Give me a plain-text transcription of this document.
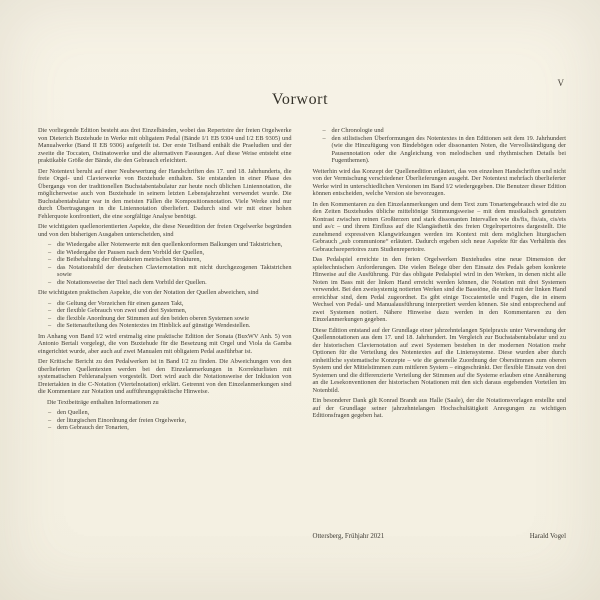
V
Vorwort

Die vorliegende Edition besteht aus drei Einzelbänden, wobei das Repertoire der freien Orgelwerke von Dieterich Buxtehude in Werke mit obligatem Pedal (Bände I/1 EB 9304 und I/2 EB 9305) und Manualwerke (Band II EB 9306) aufgeteilt ist. Der erste Teilband enthält die Praeludien und der zweite die Toccaten, Ostinatowerke und die alternativen Fassungen. Auf diese Weise entsteht eine praktikable Größe der Bände, die den Gebrauch erleichtert.

Der Notentext beruht auf einer Neubewertung der Handschriften des 17. und 18. Jahrhunderts, die freie Orgel- und Clavierwerke von Buxtehude enthalten. Sie entstanden in einer Phase des Übergangs von der traditionellen Buchstabentabulatur zur heute noch üblichen Liniennotation, die möglicherweise auch von Buxtehude in seinem letzten Lebensjahrzehnt verwendet wurde. Die Buchstabentabulatur war in den meisten Fällen die Kompositionsnotation. Viele Werke sind nur durch Übertragungen in die Liniennotation überliefert. Dadurch sind wir mit einer hohen Fehlerquote konfrontiert, die eine sorgfältige Analyse benötigt.

Die wichtigsten quellenorientierten Aspekte, die diese Neuedition der freien Orgelwerke begründen und von den bisherigen Ausgaben unterscheiden, sind

– die Wiedergabe aller Notenwerte mit den quellenkonformen Balkungen und Taktstrichen,
– die Wiedergabe der Pausen nach dem Vorbild der Quellen,
– die Beibehaltung der übertakteten metrischen Strukturen,
– das Notationsbild der deutschen Claviernotation mit nicht durchgezogenen Taktstrichen sowie
– die Notationsweise der Titel nach dem Vorbild der Quellen.

Die wichtigsten praktischen Aspekte, die von der Notation der Quellen abweichen, sind

– die Geltung der Vorzeichen für einen ganzen Takt,
– der flexible Gebrauch von zwei und drei Systemen,
– die flexible Anordnung der Stimmen auf den beiden oberen Systemen sowie
– die Seitenaufteilung des Notentextes im Hinblick auf günstige Wendestellen.

Im Anhang von Band I/2 wird erstmalig eine praktische Edition der Sonata (BuxWV Anh. 5) von Antonio Bertali vorgelegt, die von Buxtehude für die Besetzung mit Orgel und Viola da Gamba eingerichtet wurde, aber auch auf zwei Manualen mit obligatem Pedal ausführbar ist.

Der Kritische Bericht zu den Pedalwerken ist in Band I/2 zu finden. Die Abweichungen von den überlieferten Quellentexten werden bei den Einzelanmerkungen in Korrekturlisten mit systematischen Fehleranalysen vorgestellt. Dort wird auch die Notationsweise der Inklusion von Dreiertakten in die C-Notation (Viertelnotation) erklärt. Getrennt von den Einzelanmerkungen sind die Kommentare zur Notation und aufführungspraktische Hinweise.

Die Textbeiträge enthalten Informationen zu

– den Quellen,
– der liturgischen Einordnung der freien Orgelwerke,
– dem Gebrauch der Tonarten,
– der Chronologie und
– den stilistischen Überformungen des Notentextes in den Editionen seit dem 19. Jahrhundert (wie die Hinzufügung von Bindebögen oder dissonanten Noten, die Vervollständigung der Pausennotation oder die Angleichung von melodischen und rhythmischen Details bei Fugenthemen).

Weiterhin wird das Konzept der Quellenedition erläutert, das von einzelnen Handschriften und nicht von der Vermischung verschiedener Überlieferungen ausgeht. Der Notentext mehrfach überlieferter Werke wird in unterschiedlichen Versionen im Band I/2 wiedergegeben. Die Benutzer dieser Edition können entscheiden, welche Version sie bevorzugen.

In den Kommentaren zu den Einzelanmerkungen und dem Text zum Tonartengebrauch wird die zu den Zeiten Buxtehudes übliche mitteltönige Stimmungsweise – mit dem musikalisch genutzten Kontrast zwischen reinen Großterzen und stark dissonanten Intervallen wie dis/fis, fis/ais, cis/eis und as/c – und ihrem Einfluss auf die Klangästhetik des freien Orgelrepertoires dargestellt. Die zunehmend expressiven Klangwirkungen werden im Kontext mit dem möglichen liturgischen Gebrauch „sub communione“ erläutert. Dadurch ergeben sich neue Aspekte für das Verhältnis des Gebrauchsrepertoires zum Studienrepertoire.

Das Pedalspiel erreichte in den freien Orgelwerken Buxtehudes eine neue Dimension der spieltechnischen Anforderungen. Die vielen Belege über den Einsatz des Pedals geben konkrete Hinweise auf die Ausführung. Für das obligate Pedalspiel wird in den Werken, in denen nicht alle Noten im Bass mit der linken Hand erreicht werden können, die Notation mit drei Systemen verwendet. Bei den zweisystemig notierten Werken sind die Basstöne, die nicht mit der linken Hand erreichbar sind, dem Pedal zugeordnet. Es gibt einige Toccatenteile und Fugen, die in einem Wechsel von Pedal- und Manualausführung interpretiert werden können. Sie sind entsprechend auf zwei Systemen notiert. Nähere Hinweise dazu werden in den Kommentaren zu den Einzelanmerkungen gegeben.

Diese Edition entstand auf der Grundlage einer jahrzehntelangen Spielpraxis unter Verwendung der Quellennotationen aus dem 17. und 18. Jahrhundert. Im Vergleich zur Buchstabentabulatur und zu der historischen Claviernotation auf zwei Systemen bestehen in der modernen Notation mehr Optionen für die Verteilung des Notentextes auf die Liniensysteme. Diese wurden aber durch einheitliche systematische Konzepte – wie die generelle Zuordnung der Oberstimmen zum oberen System und der Mittelstimmen zum mittleren System – eingeschränkt. Der flexible Einsatz von drei Systemen und die differenzierte Verteilung der Stimmen auf die Systeme erlauben eine Annäherung an die Lesekonventionen der historischen Notationen mit den sich daraus ergebenden Vorteilen im Notenbild.

Ein besonderer Dank gilt Konrad Brandt aus Halle (Saale), der die Notationsvorlagen erstellte und auf der Grundlage seiner jahrzehntelangen Hochschultätigkeit Anregungen zu wichtigen Editionsfragen gegeben hat.

Ottersberg, Frühjahr 2021	Harald Vogel
